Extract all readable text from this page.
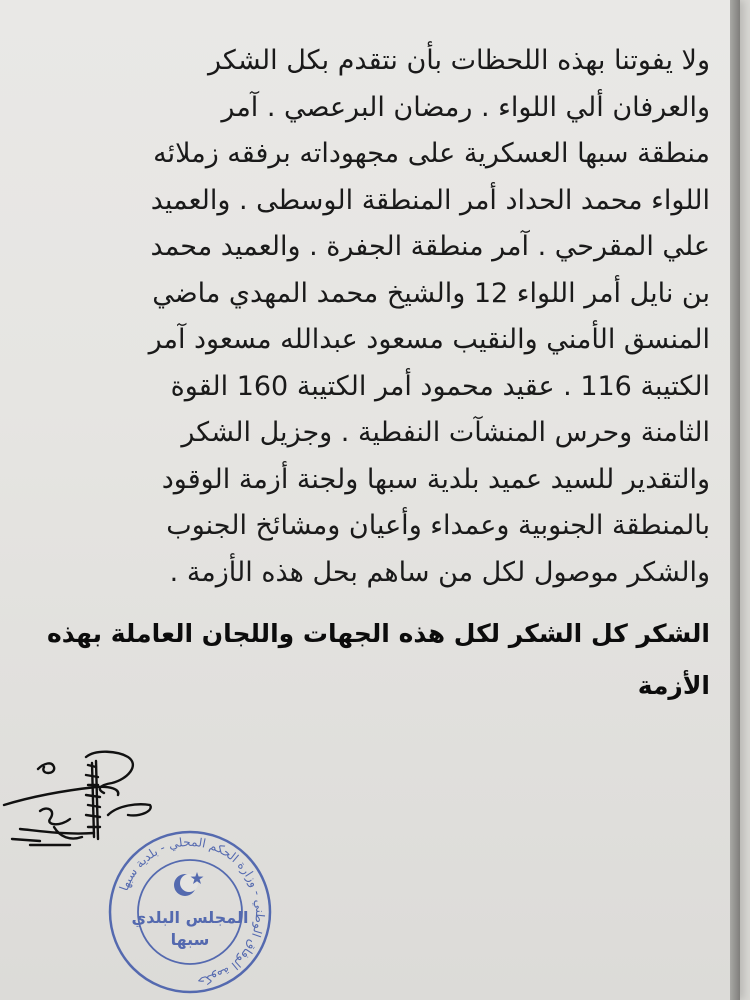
ولا يفوتنا بهذه اللحظات بأن نتقدم بكل الشكر
والعرفان ألي اللواء . رمضان البرعصي . آمر
منطقة سبها العسكرية على مجهوداته برفقه زملائه
اللواء محمد الحداد أمر المنطقة الوسطى . والعميد
علي المقرحي . آمر منطقة الجفرة . والعميد محمد
بن نايل أمر اللواء 12 والشيخ محمد المهدي ماضي
المنسق الأمني والنقيب مسعود عبدالله مسعود آمر
الكتيبة 116 . عقيد محمود أمر الكتيبة 160 القوة
الثامنة وحرس المنشآت النفطية . وجزيل الشكر
والتقدير للسيد عميد بلدية سبها ولجنة أزمة الوقود
بالمنطقة الجنوبية وعمداء وأعيان ومشائخ الجنوب
والشكر موصول لكل من ساهم بحل هذه الأزمة .
الشكر كل الشكر لكل هذه الجهات واللجان العاملة بهذه
الأزمة
حكومة الوفاق الوطني - وزارة الحكم المحلي - بلدية سبها
المجلس البلدي
سبها
